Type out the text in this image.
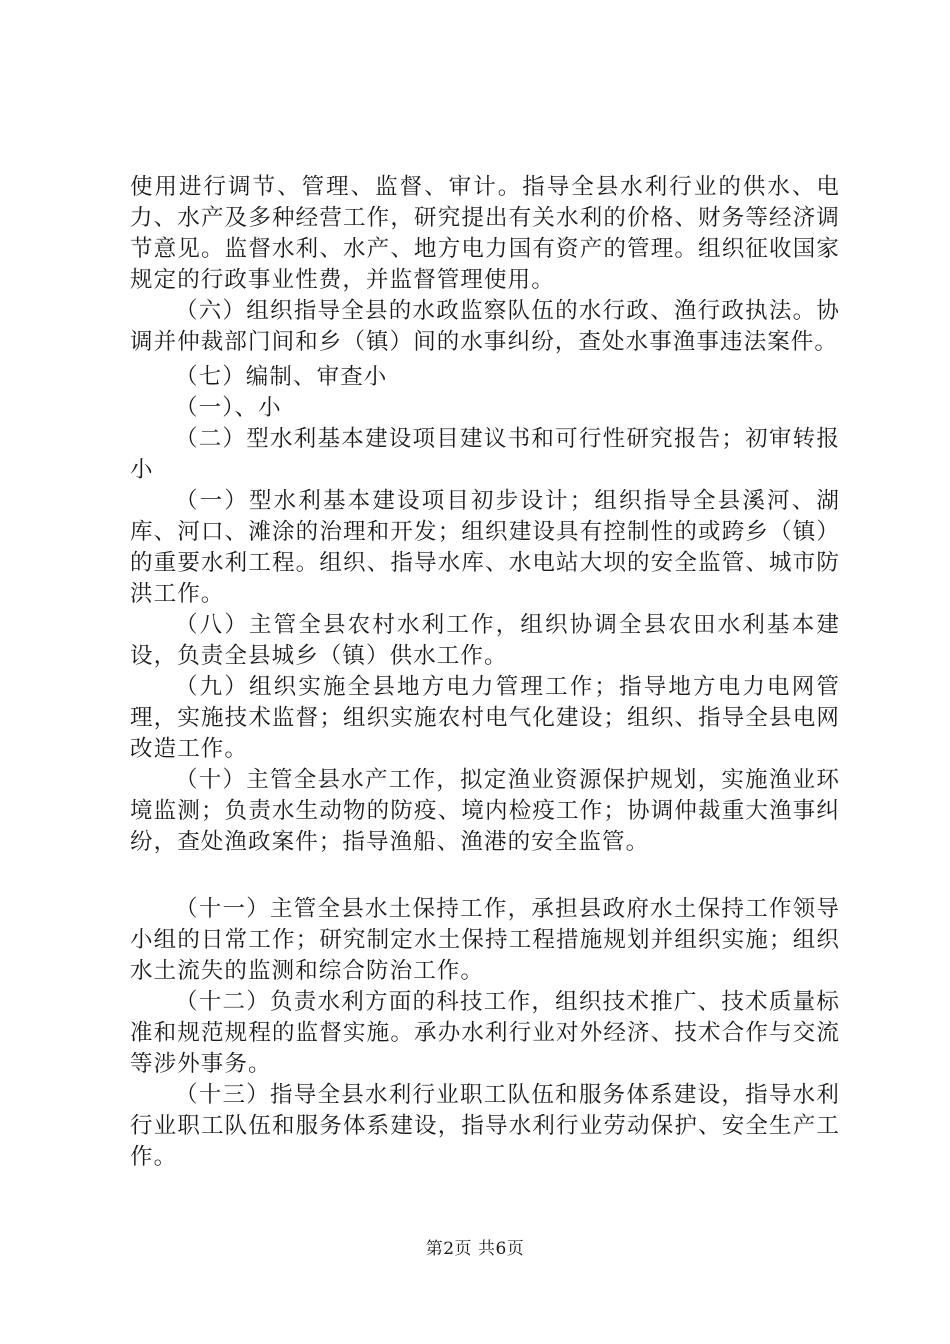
使用进行调节、管理、监督、审计。指导全县水利行业的供水、电力、水产及多种经营工作，研究提出有关水利的价格、财务等经济调节意见。监督水利、水产、地方电力国有资产的管理。组织征收国家规定的行政事业性费，并监督管理使用。

（六）组织指导全县的水政监察队伍的水行政、渔行政执法。协调并仲裁部门间和乡（镇）间的水事纠纷，查处水事渔事违法案件。

（七）编制、审查小

（一）、小

（二）型水利基本建设项目建议书和可行性研究报告；初审转报小

（一）型水利基本建设项目初步设计；组织指导全县溪河、湖库、河口、滩涂的治理和开发；组织建设具有控制性的或跨乡（镇）的重要水利工程。组织、指导水库、水电站大坝的安全监管、城市防洪工作。

（八）主管全县农村水利工作，组织协调全县农田水利基本建设，负责全县城乡（镇）供水工作。

（九）组织实施全县地方电力管理工作；指导地方电力电网管理，实施技术监督；组织实施农村电气化建设；组织、指导全县电网改造工作。

（十）主管全县水产工作，拟定渔业资源保护规划，实施渔业环境监测；负责水生动物的防疫、境内检疫工作；协调仲裁重大渔事纠纷，查处渔政案件；指导渔船、渔港的安全监管。

（十一）主管全县水土保持工作，承担县政府水土保持工作领导小组的日常工作；研究制定水土保持工程措施规划并组织实施；组织水土流失的监测和综合防治工作。

（十二）负责水利方面的科技工作，组织技术推广、技术质量标准和规范规程的监督实施。承办水利行业对外经济、技术合作与交流等涉外事务。

（十三）指导全县水利行业职工队伍和服务体系建设，指导水利行业职工队伍和服务体系建设，指导水利行业劳动保护、安全生产工作。

第2页 共6页
